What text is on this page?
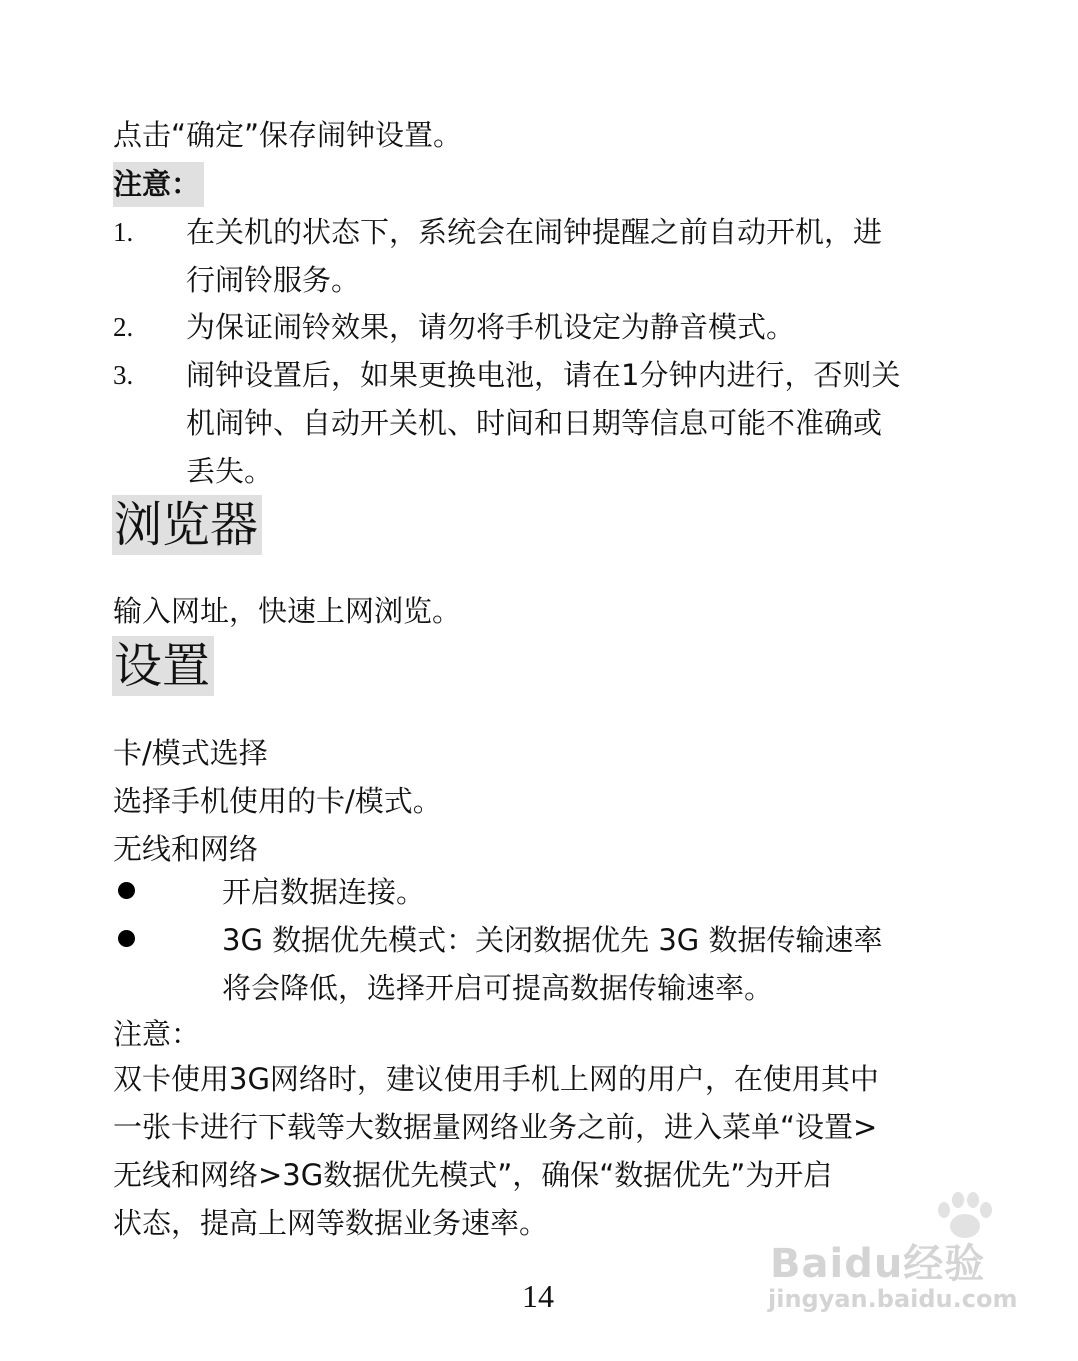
点击“确定”保存闹钟设置。
注意：
1. 在关机的状态下，系统会在闹钟提醒之前自动开机，进
行闹铃服务。
2. 为保证闹铃效果，请勿将手机设定为静音模式。
3. 闹钟设置后，如果更换电池，请在1分钟内进行，否则关
机闹钟、自动开关机、时间和日期等信息可能不准确或
丢失。
浏览器
输入网址，快速上网浏览。
设置
卡/模式选择
选择手机使用的卡/模式。
无线和网络
开启数据连接。
3G 数据优先模式：关闭数据优先 3G 数据传输速率
将会降低，选择开启可提高数据传输速率。
注意：
双卡使用3G网络时，建议使用手机上网的用户，在使用其中
一张卡进行下载等大数据量网络业务之前，进入菜单“设置>
无线和网络>3G数据优先模式”，确保“数据优先”为开启
状态，提高上网等数据业务速率。
14
Baidu经验
jingyan.baidu.com
